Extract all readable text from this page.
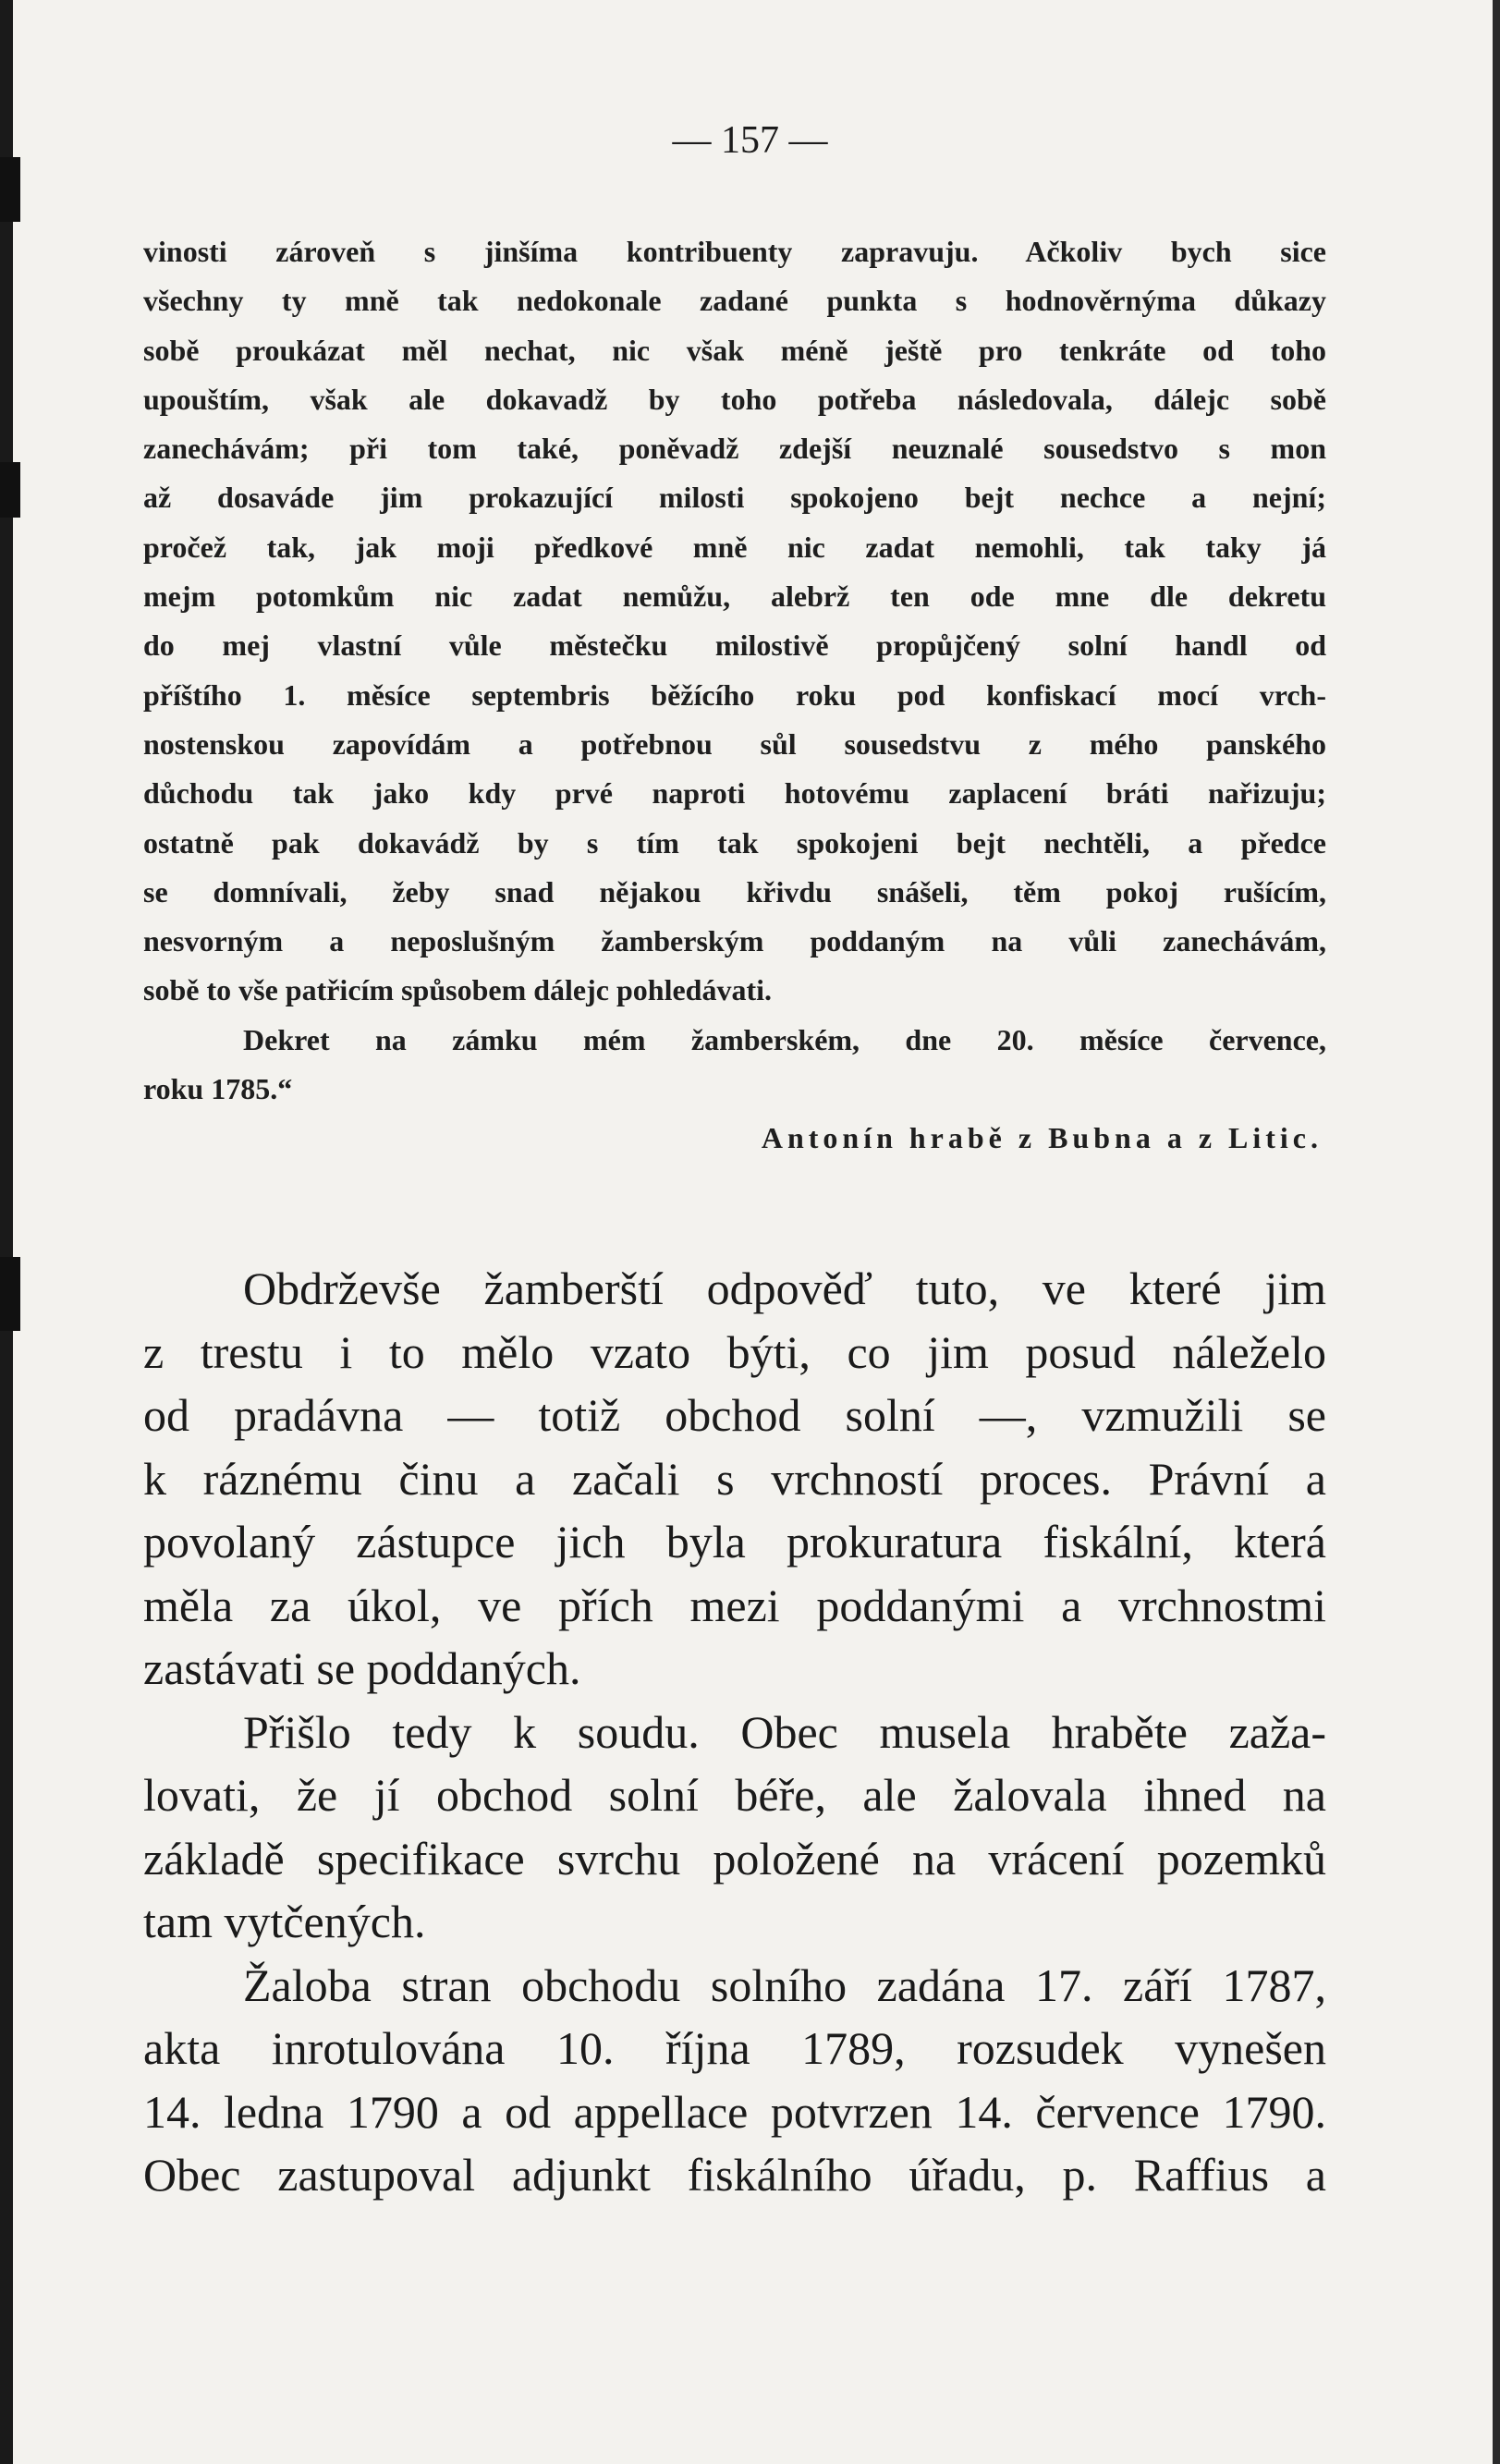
— 157 —
vinosti zároveň s jinšíma kontribuenty zapravuju. Ačkoliv bych sice
všechny ty mně tak nedokonale zadané punkta s hodnověrnýma důkazy
sobě proukázat měl nechat, nic však méně ještě pro tenkráte od toho
upouštím, však ale dokavadž by toho potřeba následovala, dálejc sobě
zanechávám; při tom také, poněvadž zdejší neuznalé sousedstvo s mon
až dosaváde jim prokazující milosti spokojeno bejt nechce a nejní;
pročež tak, jak moji předkové mně nic zadat nemohli, tak taky já
mejm potomkům nic zadat nemůžu, alebrž ten ode mne dle dekretu
do mej vlastní vůle městečku milostivě propůjčený solní handl od
příštího 1. měsíce septembris běžícího roku pod konfiskací mocí vrch-
nostenskou zapovídám a potřebnou sůl sousedstvu z mého panského
důchodu tak jako kdy prvé naproti hotovému zaplacení bráti nařizuju;
ostatně pak dokavádž by s tím tak spokojeni bejt nechtěli, a předce
se domnívali, žeby snad nějakou křivdu snášeli, těm pokoj rušícím,
nesvorným a neposlušným žamberským poddaným na vůli zanechávám,
sobě to vše patřicím spůsobem dálejc pohledávati.
Dekret na zámku mém žamberském, dne 20. měsíce července,
roku 1785.“
Antonín hrabě z Bubna a z Litic.
Obdrževše žamberští odpověď tuto, ve které jim
z trestu i to mělo vzato býti, co jim posud náleželo
od pradávna — totiž obchod solní —, vzmužili se
k ráznému činu a začali s vrchností proces. Právní a
povolaný zástupce jich byla prokuratura fiskální, která
měla za úkol, ve přích mezi poddanými a vrchnostmi
zastávati se poddaných.
Přišlo tedy k soudu. Obec musela hraběte zaža-
lovati, že jí obchod solní béře, ale žalovala ihned na
základě specifikace svrchu položené na vrácení pozemků
tam vytčených.
Žaloba stran obchodu solního zadána 17. září 1787,
akta inrotulována 10. října 1789, rozsudek vynešen
14. ledna 1790 a od appellace potvrzen 14. července 1790.
Obec zastupoval adjunkt fiskálního úřadu, p. Raffius a
